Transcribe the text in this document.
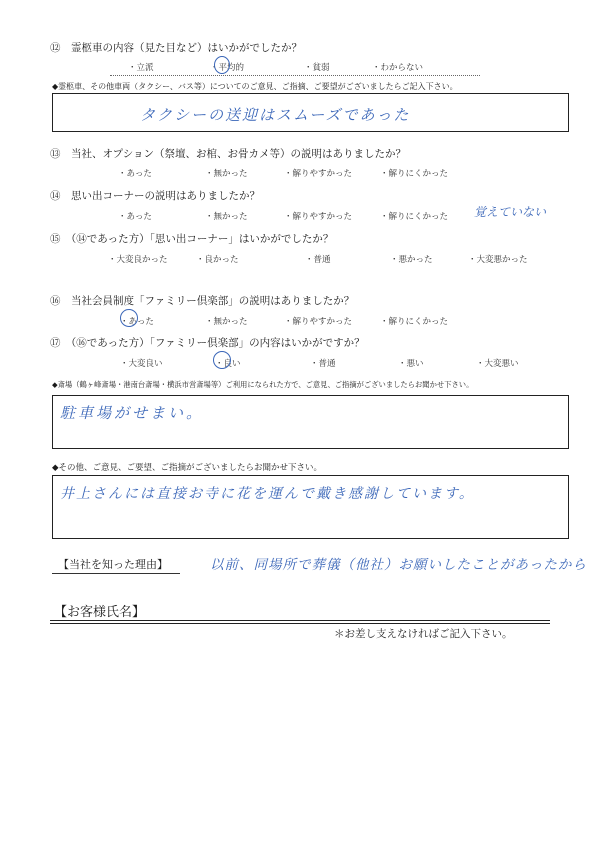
⑫　霊柩車の内容（見た目など）はいかがでしたか？
・立派	・平均的	・貧弱	・わからない
◆霊柩車、その他車両（タクシー、バス等）についてのご意見、ご指摘、ご要望がございましたらご記入下さい。
タクシーの送迎はスムーズであった
⑬　当社、オプション（祭壇、お棺、お骨カメ等）の説明はありましたか？
・あった	・無かった	・解りやすかった	・解りにくかった
⑭　思い出コーナーの説明はありましたか？
・あった	・無かった	・解りやすかった	・解りにくかった 覚えていない
⑮　（⑭であった方）「思い出コーナー」はいかがでしたか？
・大変良かった	・良かった	・普通	・悪かった	・大変悪かった
⑯　当社会員制度「ファミリー倶楽部」の説明はありましたか？
・あった	・無かった	・解りやすかった	・解りにくかった
⑰　（⑯であった方）「ファミリー倶楽部」の内容はいかがですか？
・大変良い	・良い	・普通	・悪い	・大変悪い
◆斎場（鶴ヶ峰斎場・港南台斎場・横浜市営斎場等）ご利用になられた方で、ご意見、ご指摘がございましたらお聞かせ下さい。
駐車場がせまい。
◆その他、ご意見、ご要望、ご指摘がございましたらお聞かせ下さい。
井上さんには直接お寺に花を運んで戴き感謝しています。
【当社を知った理由】	以前、同場所で葬儀（他社）お願いしたことがあったから
【お客様氏名】
＊お差し支えなければご記入下さい。
